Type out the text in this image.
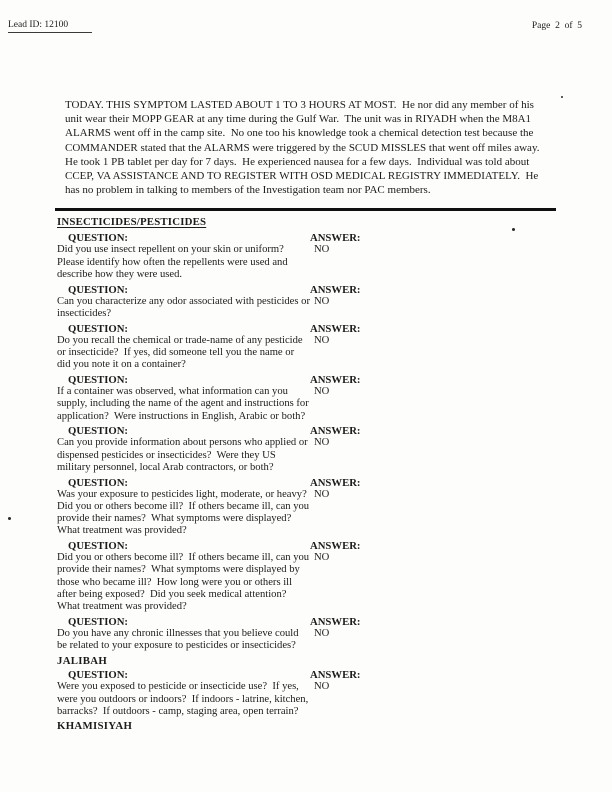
Lead ID: 12100	Page  2  of  5
TODAY. THIS SYMPTOM LASTED ABOUT 1 TO 3 HOURS AT MOST.  He nor did any member of his unit wear their MOPP GEAR at any time during the Gulf War.  The unit was in RIYADH when the M8A1 ALARMS went off in the camp site.  No one too his knowledge took a chemical detection test because the COMMANDER stated that the ALARMS were triggered by the SCUD MISSLES that went off miles away.  He took 1 PB tablet per day for 7 days.  He experienced nausea for a few days.  Individual was told about CCEP, VA ASSISTANCE AND TO REGISTER WITH OSD MEDICAL REGISTRY IMMEDIATELY.  He has no problem in talking to members of the Investigation team nor PAC members.
INSECTICIDES/PESTICIDES
QUESTION:
Did you use insect repellent on your skin or uniform?  Please identify how often the repellents were used and describe how they were used.
ANSWER:
NO
QUESTION:
Can you characterize any odor associated with pesticides or insecticides?
ANSWER:
NO
QUESTION:
Do you recall the chemical or trade-name of any pesticide or insecticide?  If yes, did someone tell you the name or did you note it on a container?
ANSWER:
NO
QUESTION:
If a container was observed, what information can you supply, including the name of the agent and instructions for application?  Were instructions in English, Arabic or both?
ANSWER:
NO
QUESTION:
Can you provide information about persons who applied or dispensed pesticides or insecticides?  Were they US military personnel, local Arab contractors, or both?
ANSWER:
NO
QUESTION:
Was your exposure to pesticides light, moderate, or heavy?  Did you or others become ill?  If others became ill, can you provide their names?  What symptoms were displayed?  What treatment was provided?
ANSWER:
NO
QUESTION:
Did you or others become ill?  If others became ill, can you provide their names?  What symptoms were displayed by those who became ill?  How long were you or others ill after being exposed?  Did you seek medical attention?  What treatment was provided?
ANSWER:
NO
QUESTION:
Do you have any chronic illnesses that you believe could be related to your exposure to pesticides or insecticides?
ANSWER:
NO
JALIBAH
QUESTION:
Were you exposed to pesticide or insecticide use?  If yes, were you outdoors or indoors?  If indoors - latrine, kitchen, barracks?  If outdoors - camp, staging area, open terrain?
ANSWER:
NO
KHAMISIYAH
